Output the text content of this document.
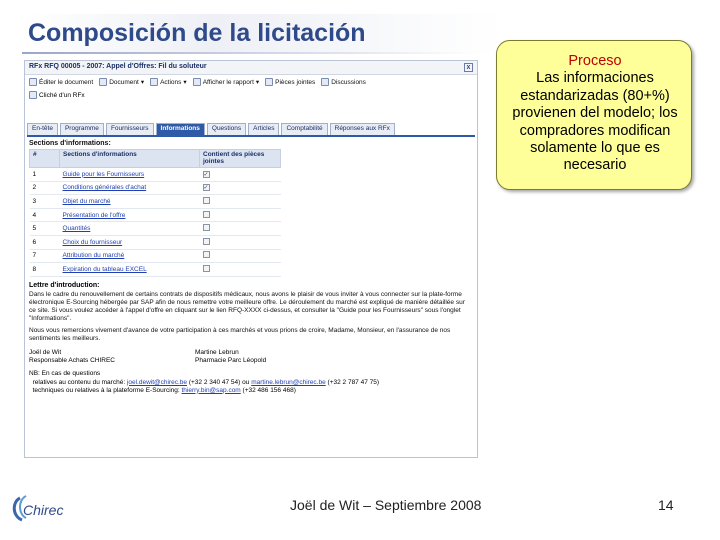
Composición de la licitación
RFx RFQ 00005 - 2007: Appel d'Offres: Fil du soluteur	x
Éditer le document Document ▾ Actions ▾ Afficher le rapport ▾ Pièces jointes Discussions
Cliché d'un RFx
En-tête	Programme	Fournisseurs	Informations	Questions	Articles	Comptabilité	Réponses aux RFx
Sections d'informations:
#	Sections d'informations	Contient des pièces jointes
1	Guide pour les Fournisseurs	✓
2	Conditions générales d'achat	✓
3	Objet du marché	
4	Présentation de l'offre	
5	Quantités	
6	Choix du fournisseur	
7	Attribution du marché	
8	Expiration du tableau EXCEL	
Lettre d'introduction:

Dans le cadre du renouvellement de certains contrats de dispositifs médicaux, nous avons le plaisir de vous inviter à vous connecter sur la plate-forme électronique E-Sourcing hébergée par SAP afin de nous remettre votre meilleure offre. Le déroulement du marché est expliqué de manière détaillée sur ce site. Si vous voulez accéder à l'appel d'offre en cliquant sur le lien RFQ-XXXX ci-dessus, et consulter la "Guide pour les Fournisseurs" sous l'onglet "Informations".

Nous vous remercions vivement d'avance de votre participation à ces marchés et vous prions de croire, Madame, Monsieur, en l'assurance de nos sentiments les meilleurs.

Joël de Wit	Martine Lebrun
Responsable Achats CHIREC	Pharmacie Parc Léopold
NB: En cas de questions
relatives au contenu du marché: joel.dewit@chirec.be (+32 2 340 47 54) ou martine.lebrun@chirec.be (+32 2 787 47 75)
techniques ou relatives à la plateforme E-Sourcing: thierry.bin@sap.com (+32 486 156 468)
Proceso
Las informaciones estandarizadas (80+%) provienen del modelo; los compradores modifican solamente lo que es necesario
Chirec	Joël de Wit – Septiembre 2008	14
